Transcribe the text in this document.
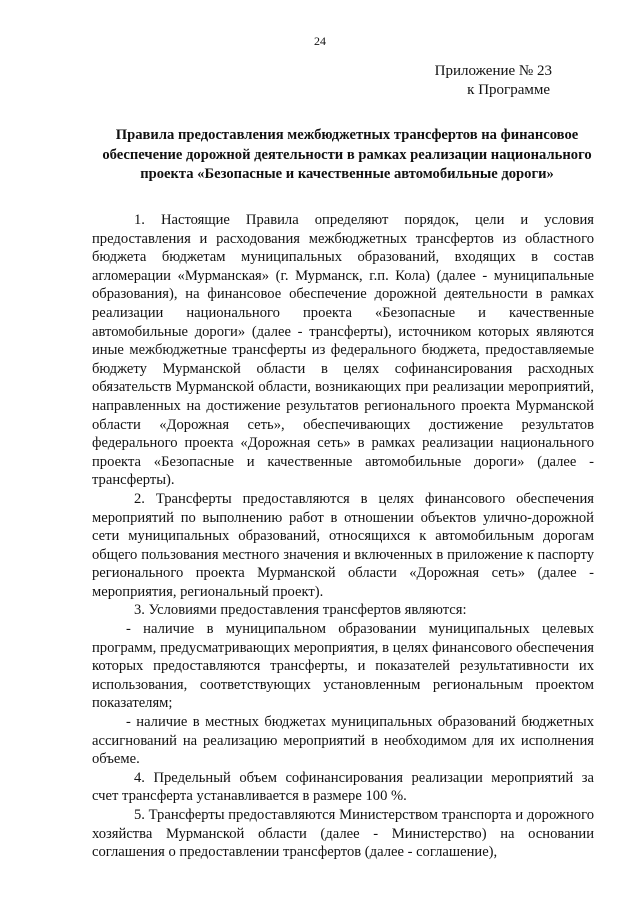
24
Приложение № 23
к Программе
Правила предоставления межбюджетных трансфертов на финансовое обеспечение дорожной деятельности в рамках реализации национального проекта «Безопасные и качественные автомобильные дороги»

1. Настоящие Правила определяют порядок, цели и условия предоставления и расходования межбюджетных трансфертов из областного бюджета бюджетам муниципальных образований, входящих в состав агломерации «Мурманская» (г. Мурманск, г.п. Кола) (далее - муниципальные образования), на финансовое обеспечение дорожной деятельности в рамках реализации национального проекта «Безопасные и качественные автомобильные дороги» (далее - трансферты), источником которых являются иные межбюджетные трансферты из федерального бюджета, предоставляемые бюджету Мурманской области в целях софинансирования расходных обязательств Мурманской области, возникающих при реализации мероприятий, направленных на достижение результатов регионального проекта Мурманской области «Дорожная сеть», обеспечивающих достижение результатов федерального проекта «Дорожная сеть» в рамках реализации национального проекта «Безопасные и качественные автомобильные дороги» (далее - трансферты).

2. Трансферты предоставляются в целях финансового обеспечения мероприятий по выполнению работ в отношении объектов улично-дорожной сети муниципальных образований, относящихся к автомобильным дорогам общего пользования местного значения и включенных в приложение к паспорту регионального проекта Мурманской области «Дорожная сеть» (далее - мероприятия, региональный проект).

3. Условиями предоставления трансфертов являются:

- наличие в муниципальном образовании муниципальных целевых программ, предусматривающих мероприятия, в целях финансового обеспечения которых предоставляются трансферты, и показателей результативности их использования, соответствующих установленным региональным проектом показателям;

- наличие в местных бюджетах муниципальных образований бюджетных ассигнований на реализацию мероприятий в необходимом для их исполнения объеме.

4. Предельный объем софинансирования реализации мероприятий за счет трансферта устанавливается в размере 100 %.

5. Трансферты предоставляются Министерством транспорта и дорожного хозяйства Мурманской области (далее - Министерство) на основании соглашения о предоставлении трансфертов (далее - соглашение),
